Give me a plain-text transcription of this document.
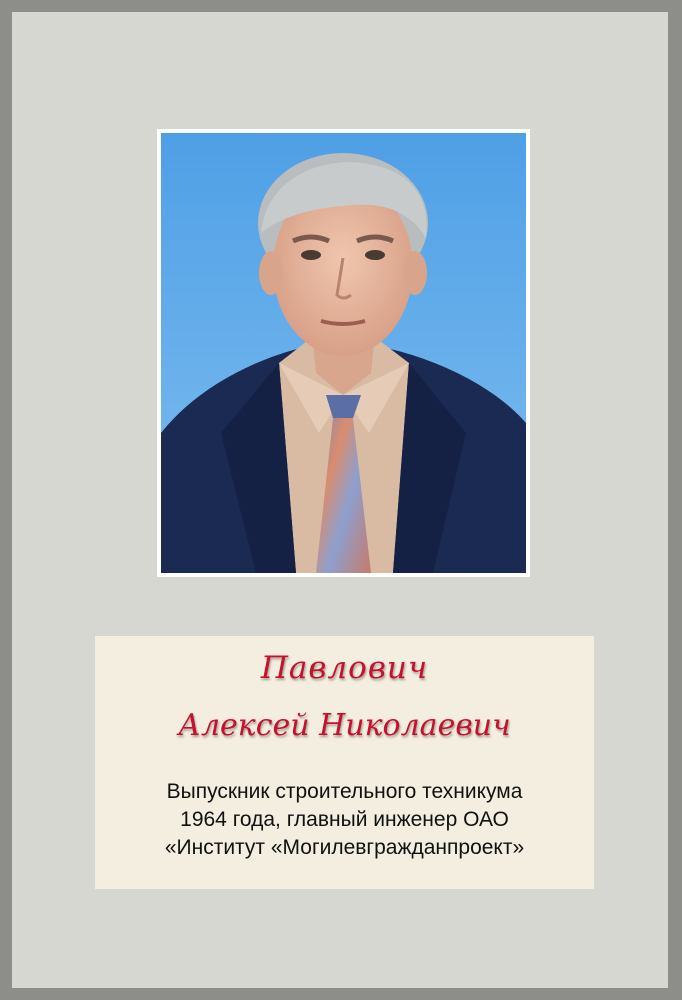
Павлович
Алексей Николаевич
Выпускник строительного техникума
1964 года, главный инженер ОАО
«Институт «Могилевгражданпроект»
